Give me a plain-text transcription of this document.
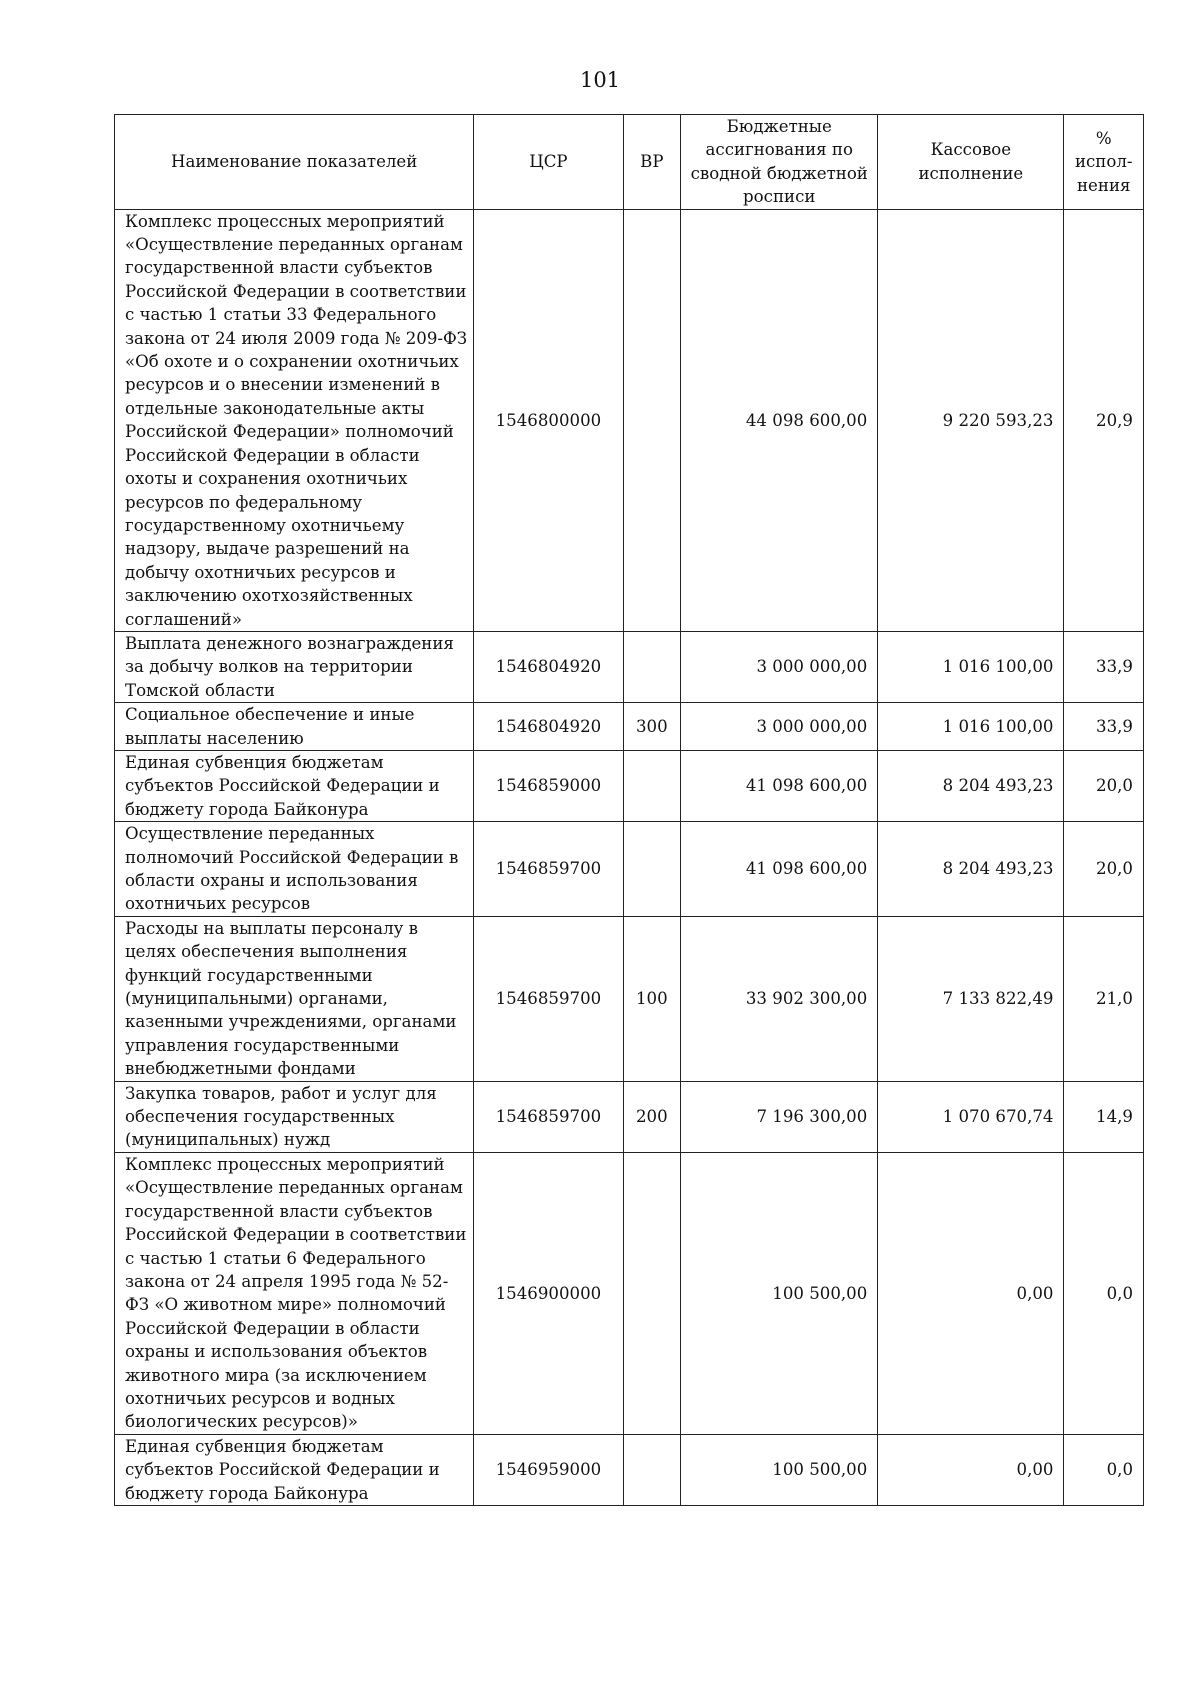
101
Наименование показателей	ЦСР	ВР	Бюджетные ассигнования по сводной бюджетной росписи	Кассовое исполнение	% испол-нения
Комплекс процессных мероприятий «Осуществление переданных органам государственной власти субъектов Российской Федерации в соответствии с частью 1 статьи 33 Федерального закона от 24 июля 2009 года № 209-ФЗ «Об охоте и о сохранении охотничьих ресурсов и о внесении изменений в отдельные законодательные акты Российской Федерации» полномочий Российской Федерации в области охоты и сохранения охотничьих ресурсов по федеральному государственному охотничьему надзору, выдаче разрешений на добычу охотничьих ресурсов и заключению охотхозяйственных соглашений»	1546800000		44 098 600,00	9 220 593,23	20,9
Выплата денежного вознаграждения за добычу волков на территории Томской области	1546804920		3 000 000,00	1 016 100,00	33,9
Социальное обеспечение и иные выплаты населению	1546804920	300	3 000 000,00	1 016 100,00	33,9
Единая субвенция бюджетам субъектов Российской Федерации и бюджету города Байконура	1546859000		41 098 600,00	8 204 493,23	20,0
Осуществление переданных полномочий Российской Федерации в области охраны и использования охотничьих ресурсов	1546859700		41 098 600,00	8 204 493,23	20,0
Расходы на выплаты персоналу в целях обеспечения выполнения функций государственными (муниципальными) органами, казенными учреждениями, органами управления государственными внебюджетными фондами	1546859700	100	33 902 300,00	7 133 822,49	21,0
Закупка товаров, работ и услуг для обеспечения государственных (муниципальных) нужд	1546859700	200	7 196 300,00	1 070 670,74	14,9
Комплекс процессных мероприятий «Осуществление переданных органам государственной власти субъектов Российской Федерации в соответствии с частью 1 статьи 6 Федерального закона от 24 апреля 1995 года № 52-ФЗ «О животном мире» полномочий Российской Федерации в области охраны и использования объектов животного мира (за исключением охотничьих ресурсов и водных биологических ресурсов)»	1546900000		100 500,00	0,00	0,0
Единая субвенция бюджетам субъектов Российской Федерации и бюджету города Байконура	1546959000		100 500,00	0,00	0,0
